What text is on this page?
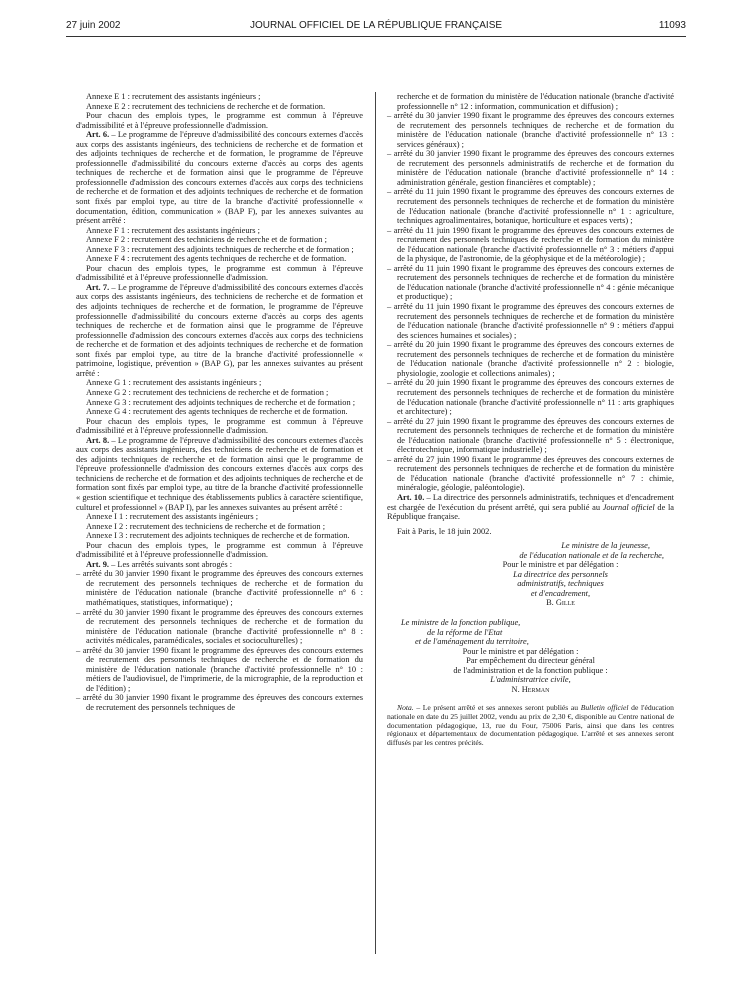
27 juin 2002	JOURNAL OFFICIEL DE LA RÉPUBLIQUE FRANÇAISE	11093

Annexe E 1 : recrutement des assistants ingénieurs ;

Annexe E 2 : recrutement des techniciens de recherche et de formation.

Pour chacun des emplois types, le programme est commun à l'épreuve d'admissibilité et à l'épreuve professionnelle d'admission.

Art. 6. – Le programme de l'épreuve d'admissibilité des concours externes d'accès aux corps des assistants ingénieurs, des techniciens de recherche et de formation et des adjoints techniques de recherche et de formation, le programme de l'épreuve professionnelle d'admissibilité du concours externe d'accès au corps des agents techniques de recherche et de formation ainsi que le programme de l'épreuve professionnelle d'admission des concours externes d'accès aux corps des techniciens de recherche et de formation et des adjoints techniques de recherche et de formation sont fixés par emploi type, au titre de la branche d'activité professionnelle « documentation, édition, communication » (BAP F), par les annexes suivantes au présent arrêté :

Annexe F 1 : recrutement des assistants ingénieurs ;

Annexe F 2 : recrutement des techniciens de recherche et de formation ;

Annexe F 3 : recrutement des adjoints techniques de recherche et de formation ;

Annexe F 4 : recrutement des agents techniques de recherche et de formation.

Pour chacun des emplois types, le programme est commun à l'épreuve d'admissibilité et à l'épreuve professionnelle d'admission.

Art. 7. – Le programme de l'épreuve d'admissibilité des concours externes d'accès aux corps des assistants ingénieurs, des techniciens de recherche et de formation et des adjoints techniques de recherche et de formation, le programme de l'épreuve professionnelle d'admissibilité du concours externe d'accès au corps des agents techniques de recherche et de formation ainsi que le programme de l'épreuve professionnelle d'admission des concours externes d'accès aux corps des techniciens de recherche et de formation et des adjoints techniques de recherche et de formation sont fixés par emploi type, au titre de la branche d'activité professionnelle « patrimoine, logistique, prévention » (BAP G), par les annexes suivantes au présent arrêté :

Annexe G 1 : recrutement des assistants ingénieurs ;

Annexe G 2 : recrutement des techniciens de recherche et de formation ;

Annexe G 3 : recrutement des adjoints techniques de recherche et de formation ;

Annexe G 4 : recrutement des agents techniques de recherche et de formation.

Pour chacun des emplois types, le programme est commun à l'épreuve d'admissibilité et à l'épreuve professionnelle d'admission.

Art. 8. – Le programme de l'épreuve d'admissibilité des concours externes d'accès aux corps des assistants ingénieurs, des techniciens de recherche et de formation et des adjoints techniques de recherche et de formation ainsi que le programme de l'épreuve professionnelle d'admission des concours externes d'accès aux corps des techniciens de recherche et de formation et des adjoints techniques de recherche et de formation sont fixés par emploi type, au titre de la branche d'activité professionnelle « gestion scientifique et technique des établissements publics à caractère scientifique, culturel et professionnel » (BAP I), par les annexes suivantes au présent arrêté :

Annexe I 1 : recrutement des assistants ingénieurs ;

Annexe I 2 : recrutement des techniciens de recherche et de formation ;

Annexe I 3 : recrutement des adjoints techniques de recherche et de formation.

Pour chacun des emplois types, le programme est commun à l'épreuve d'admissibilité et à l'épreuve professionnelle d'admission.

Art. 9. – Les arrêtés suivants sont abrogés :

– arrêté du 30 janvier 1990 fixant le programme des épreuves des concours externes de recrutement des personnels techniques de recherche et de formation du ministère de l'éducation nationale (branche d'activité professionnelle n° 6 : mathématiques, statistiques, informatique) ;

– arrêté du 30 janvier 1990 fixant le programme des épreuves des concours externes de recrutement des personnels techniques de recherche et de formation du ministère de l'éducation nationale (branche d'activité professionnelle n° 8 : activités médicales, paramédicales, sociales et socioculturelles) ;

– arrêté du 30 janvier 1990 fixant le programme des épreuves des concours externes de recrutement des personnels techniques de recherche et de formation du ministère de l'éducation nationale (branche d'activité professionnelle n° 10 : métiers de l'audiovisuel, de l'imprimerie, de la micrographie, de la reproduction et de l'édition) ;

– arrêté du 30 janvier 1990 fixant le programme des épreuves des concours externes de recrutement des personnels techniques de

recherche et de formation du ministère de l'éducation nationale (branche d'activité professionnelle n° 12 : information, communication et diffusion) ;

– arrêté du 30 janvier 1990 fixant le programme des épreuves des concours externes de recrutement des personnels techniques de recherche et de formation du ministère de l'éducation nationale (branche d'activité professionnelle n° 13 : services généraux) ;

– arrêté du 30 janvier 1990 fixant le programme des épreuves des concours externes de recrutement des personnels administratifs de recherche et de formation du ministère de l'éducation nationale (branche d'activité professionnelle n° 14 : administration générale, gestion financières et comptable) ;

– arrêté du 11 juin 1990 fixant le programme des épreuves des concours externes de recrutement des personnels techniques de recherche et de formation du ministère de l'éducation nationale (branche d'activité professionnelle n° 1 : agriculture, techniques agroalimentaires, botanique, horticulture et espaces verts) ;

– arrêté du 11 juin 1990 fixant le programme des épreuves des concours externes de recrutement des personnels techniques de recherche et de formation du ministère de l'éducation nationale (branche d'activité professionnelle n° 3 : métiers d'appui de la physique, de l'astronomie, de la géophysique et de la météorologie) ;

– arrêté du 11 juin 1990 fixant le programme des épreuves des concours externes de recrutement des personnels techniques de recherche et de formation du ministère de l'éducation nationale (branche d'activité professionnelle n° 4 : génie mécanique et productique) ;

– arrêté du 11 juin 1990 fixant le programme des épreuves des concours externes de recrutement des personnels techniques de recherche et de formation du ministère de l'éducation nationale (branche d'activité professionnelle n° 9 : métiers d'appui des sciences humaines et sociales) ;

– arrêté du 20 juin 1990 fixant le programme des épreuves des concours externes de recrutement des personnels techniques de recherche et de formation du ministère de l'éducation nationale (branche d'activité professionnelle n° 2 : biologie, physiologie, zoologie et collections animales) ;

– arrêté du 20 juin 1990 fixant le programme des épreuves des concours externes de recrutement des personnels techniques de recherche et de formation du ministère de l'éducation nationale (branche d'activité professionnelle n° 11 : arts graphiques et architecture) ;

– arrêté du 27 juin 1990 fixant le programme des épreuves des concours externes de recrutement des personnels techniques de recherche et de formation du ministère de l'éducation nationale (branche d'activité professionnelle n° 5 : électronique, électrotechnique, informatique industrielle) ;

– arrêté du 27 juin 1990 fixant le programme des épreuves des concours externes de recrutement des personnels techniques de recherche et de formation du ministère de l'éducation nationale (branche d'activité professionnelle n° 7 : chimie, minéralogie, géologie, paléontologie).

Art. 10. – La directrice des personnels administratifs, techniques et d'encadrement est chargée de l'exécution du présent arrêté, qui sera publié au Journal officiel de la République française.

Fait à Paris, le 18 juin 2002.

Le ministre de la jeunesse,

de l'éducation nationale et de la recherche,

Pour le ministre et par délégation :

La directrice des personnels

administratifs, techniques

et d'encadrement,

B. Gille

Le ministre de la fonction publique,

de la réforme de l'Etat

et de l'aménagement du territoire,

Pour le ministre et par délégation :

Par empêchement du directeur général

de l'administration et de la fonction publique :

L'administratrice civile,

N. Herman

Nota. – Le présent arrêté et ses annexes seront publiés au Bulletin officiel de l'éducation nationale en date du 25 juillet 2002, vendu au prix de 2,30 €, disponible au Centre national de documentation pédagogique, 13, rue du Four, 75006 Paris, ainsi que dans les centres régionaux et départementaux de documentation pédagogique. L'arrêté et ses annexes seront diffusés par les centres précités.
